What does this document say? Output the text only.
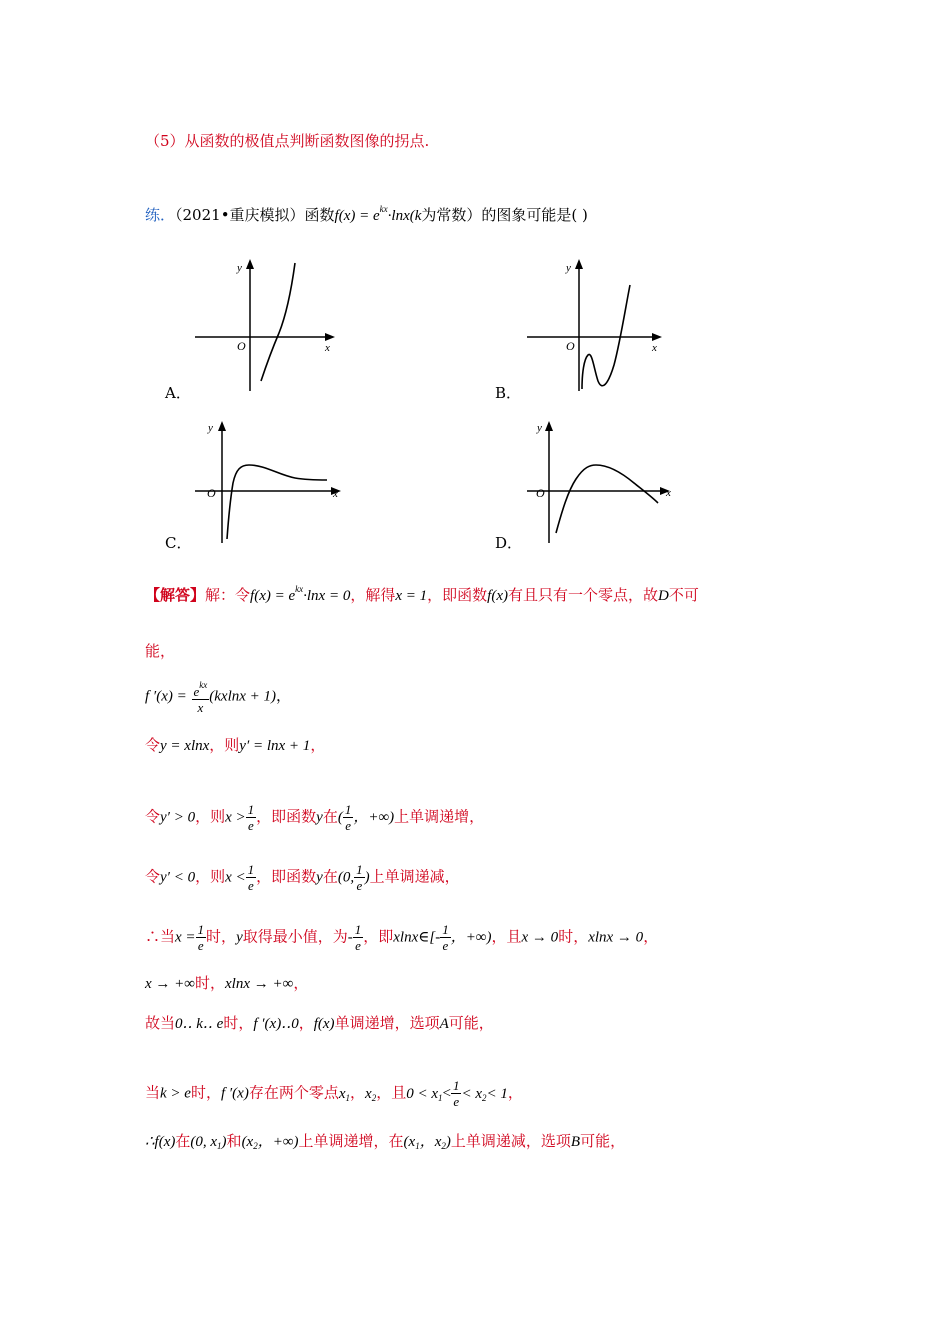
（5）从函数的极值点判断函数图像的拐点.
练．（2021•重庆模拟）函数$f(x) = e^{kx}\cdot\ln x(k$为常数）的图象可能是( )
x
y
O
A．
x
y
O
B．
x
y
O
C．
x
y
O
D．
【解答】解：令$f(x) = e^{kx}\cdot\ln x = 0$，解得x = 1，即函数f(x)有且只有一个零点，故D不可
能，
f $'(x) = \frac{e^{kx}}{x} (kxlnx + 1)$，
令y = xlnx，则y′ = lnx + 1，
令y′ > 0，则$x > \frac{1}{e}$ ，即函数y在( $\frac{1}{e}$ ，+∞)上单调递增，
令y′ < 0，则$x < \frac{1}{e}$ ，即函数y在(0, $\frac{1}{e}$ )上单调递减，
∴当$x = \frac{1}{e}$ 时，y取得最小值，为- $\frac{1}{e}$ ，即xlnx∈[- $\frac{1}{e}$ ，+∞)，且x → 0时，xlnx → 0，
x → +∞时，xlnx → +∞，
故当0‥ k‥ e时，f ′(x)‥0，f(x)单调递增，选项A可能，
当k > e时，f ′(x)存在两个零点$x_1$，$x_2$，且$0 < x_1< \frac{1}{e} < x_2< 1$，
∴f(x)在(0, $x_1$)和($x_2$，+∞)上单调递增，在($x_1$，$x_2$)上单调递减，选项B可能，
